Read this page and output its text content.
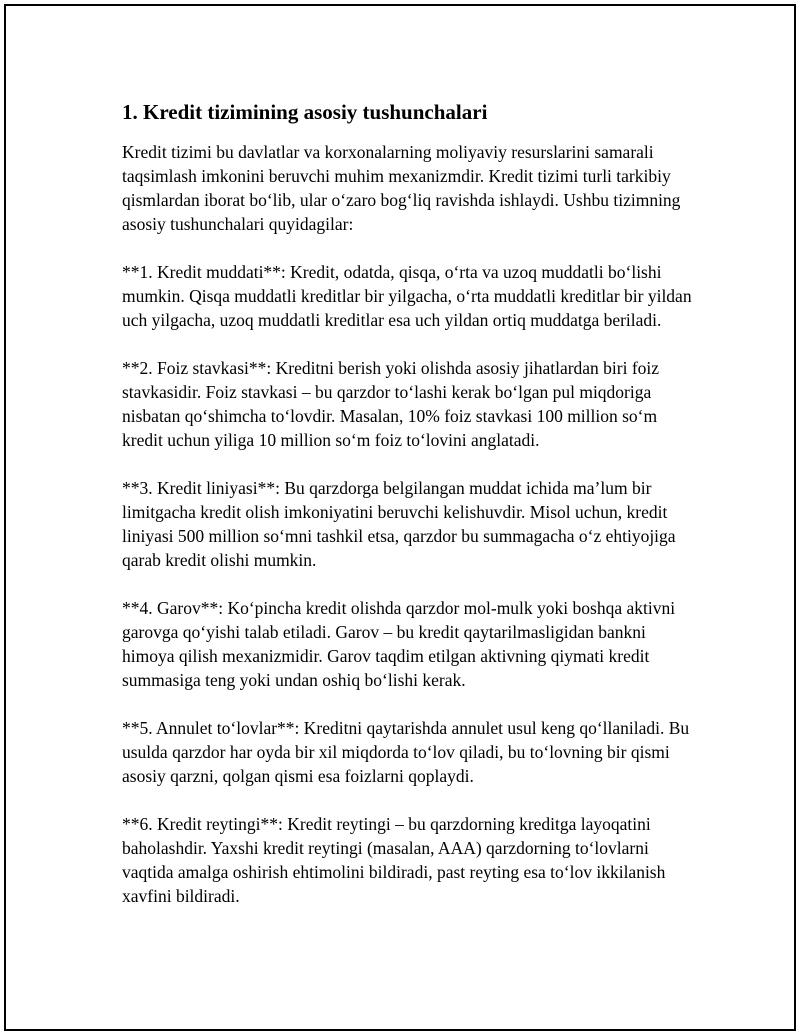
1. Kredit tizimining asosiy tushunchalari

Kredit tizimi bu davlatlar va korxonalarning moliyaviy resurslarini samarali taqsimlash imkonini beruvchi muhim mexanizmdir. Kredit tizimi turli tarkibiy qismlardan iborat bo‘lib, ular o‘zaro bog‘liq ravishda ishlaydi. Ushbu tizimning asosiy tushunchalari quyidagilar:

**1. Kredit muddati**: Kredit, odatda, qisqa, o‘rta va uzoq muddatli bo‘lishi mumkin. Qisqa muddatli kreditlar bir yilgacha, o‘rta muddatli kreditlar bir yildan uch yilgacha, uzoq muddatli kreditlar esa uch yildan ortiq muddatga beriladi.

**2. Foiz stavkasi**: Kreditni berish yoki olishda asosiy jihatlardan biri foiz stavkasidir. Foiz stavkasi – bu qarzdor to‘lashi kerak bo‘lgan pul miqdoriga nisbatan qo‘shimcha to‘lovdir. Masalan, 10% foiz stavkasi 100 million so‘m kredit uchun yiliga 10 million so‘m foiz to‘lovini anglatadi.

**3. Kredit liniyasi**: Bu qarzdorga belgilangan muddat ichida ma’lum bir limitgacha kredit olish imkoniyatini beruvchi kelishuvdir. Misol uchun, kredit liniyasi 500 million so‘mni tashkil etsa, qarzdor bu summagacha o‘z ehtiyojiga qarab kredit olishi mumkin.

**4. Garov**: Ko‘pincha kredit olishda qarzdor mol-mulk yoki boshqa aktivni garovga qo‘yishi talab etiladi. Garov – bu kredit qaytarilmasligidan bankni himoya qilish mexanizmidir. Garov taqdim etilgan aktivning qiymati kredit summasiga teng yoki undan oshiq bo‘lishi kerak.

**5. Annulet to‘lovlar**: Kreditni qaytarishda annulet usul keng qo‘llaniladi. Bu usulda qarzdor har oyda bir xil miqdorda to‘lov qiladi, bu to‘lovning bir qismi asosiy qarzni, qolgan qismi esa foizlarni qoplaydi.

**6. Kredit reytingi**: Kredit reytingi – bu qarzdorning kreditga layoqatini baholashdir. Yaxshi kredit reytingi (masalan, AAA) qarzdorning to‘lovlarni vaqtida amalga oshirish ehtimolini bildiradi, past reyting esa to‘lov ikkilanish xavfini bildiradi.
